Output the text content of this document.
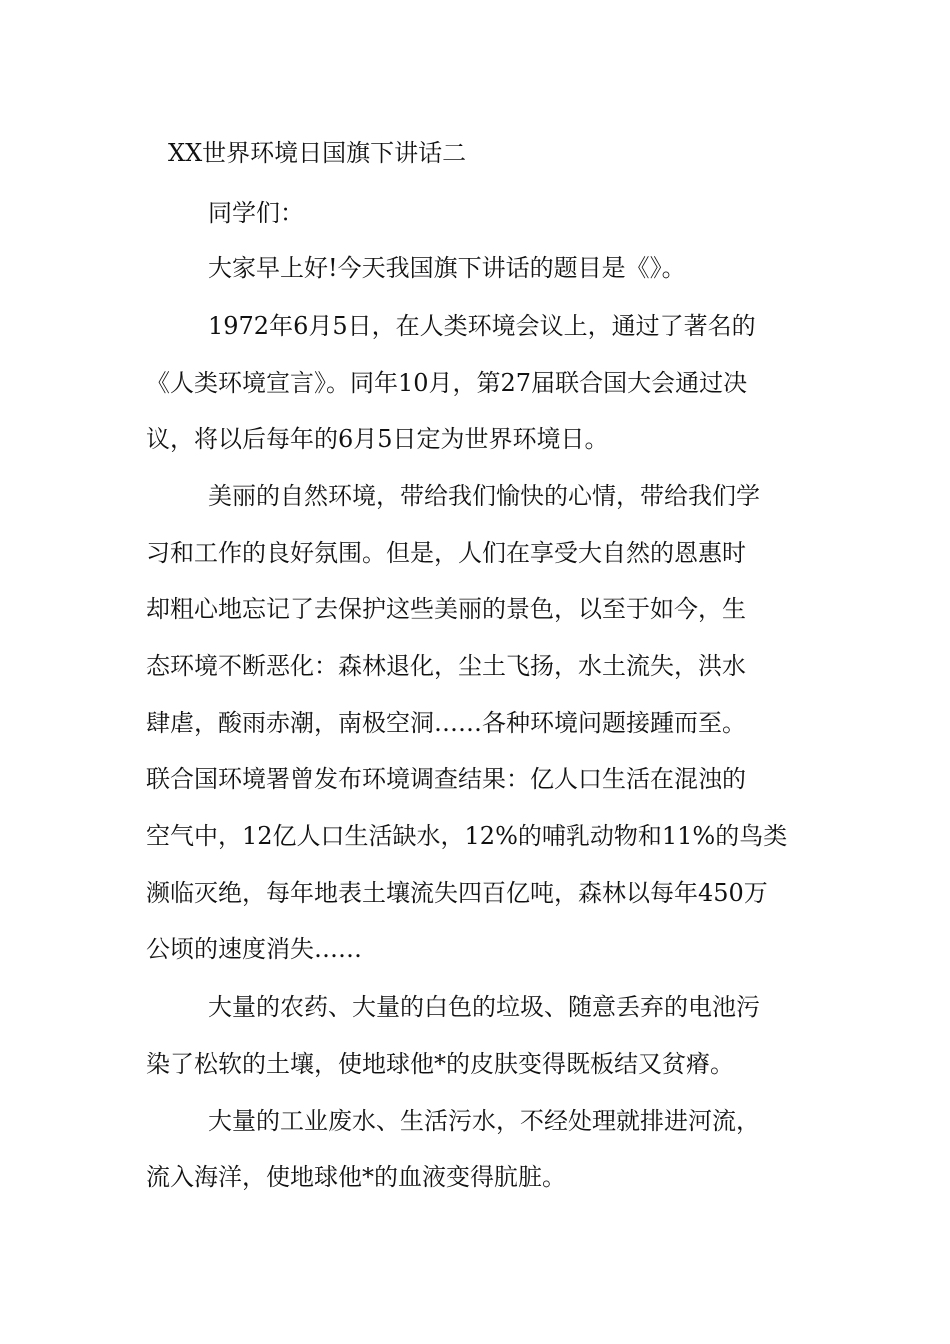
XX世界环境日国旗下讲话二
同学们：
大家早上好!今天我国旗下讲话的题目是《》。
1972年6月5日，在人类环境会议上，通过了著名的
《人类环境宣言》。同年10月，第27届联合国大会通过决
议，将以后每年的6月5日定为世界环境日。
美丽的自然环境，带给我们愉快的心情，带给我们学
习和工作的良好氛围。但是，人们在享受大自然的恩惠时
却粗心地忘记了去保护这些美丽的景色，以至于如今，生
态环境不断恶化：森林退化，尘土飞扬，水土流失，洪水
肆虐，酸雨赤潮，南极空洞……各种环境问题接踵而至。
联合国环境署曾发布环境调查结果：亿人口生活在混浊的
空气中，12亿人口生活缺水，12%的哺乳动物和11%的鸟类
濒临灭绝，每年地表土壤流失四百亿吨，森林以每年450万
公顷的速度消失……
大量的农药、大量的白色的垃圾、随意丢弃的电池污
染了松软的土壤，使地球他*的皮肤变得既板结又贫瘠。
大量的工业废水、生活污水，不经处理就排进河流，
流入海洋，使地球他*的血液变得肮脏。
